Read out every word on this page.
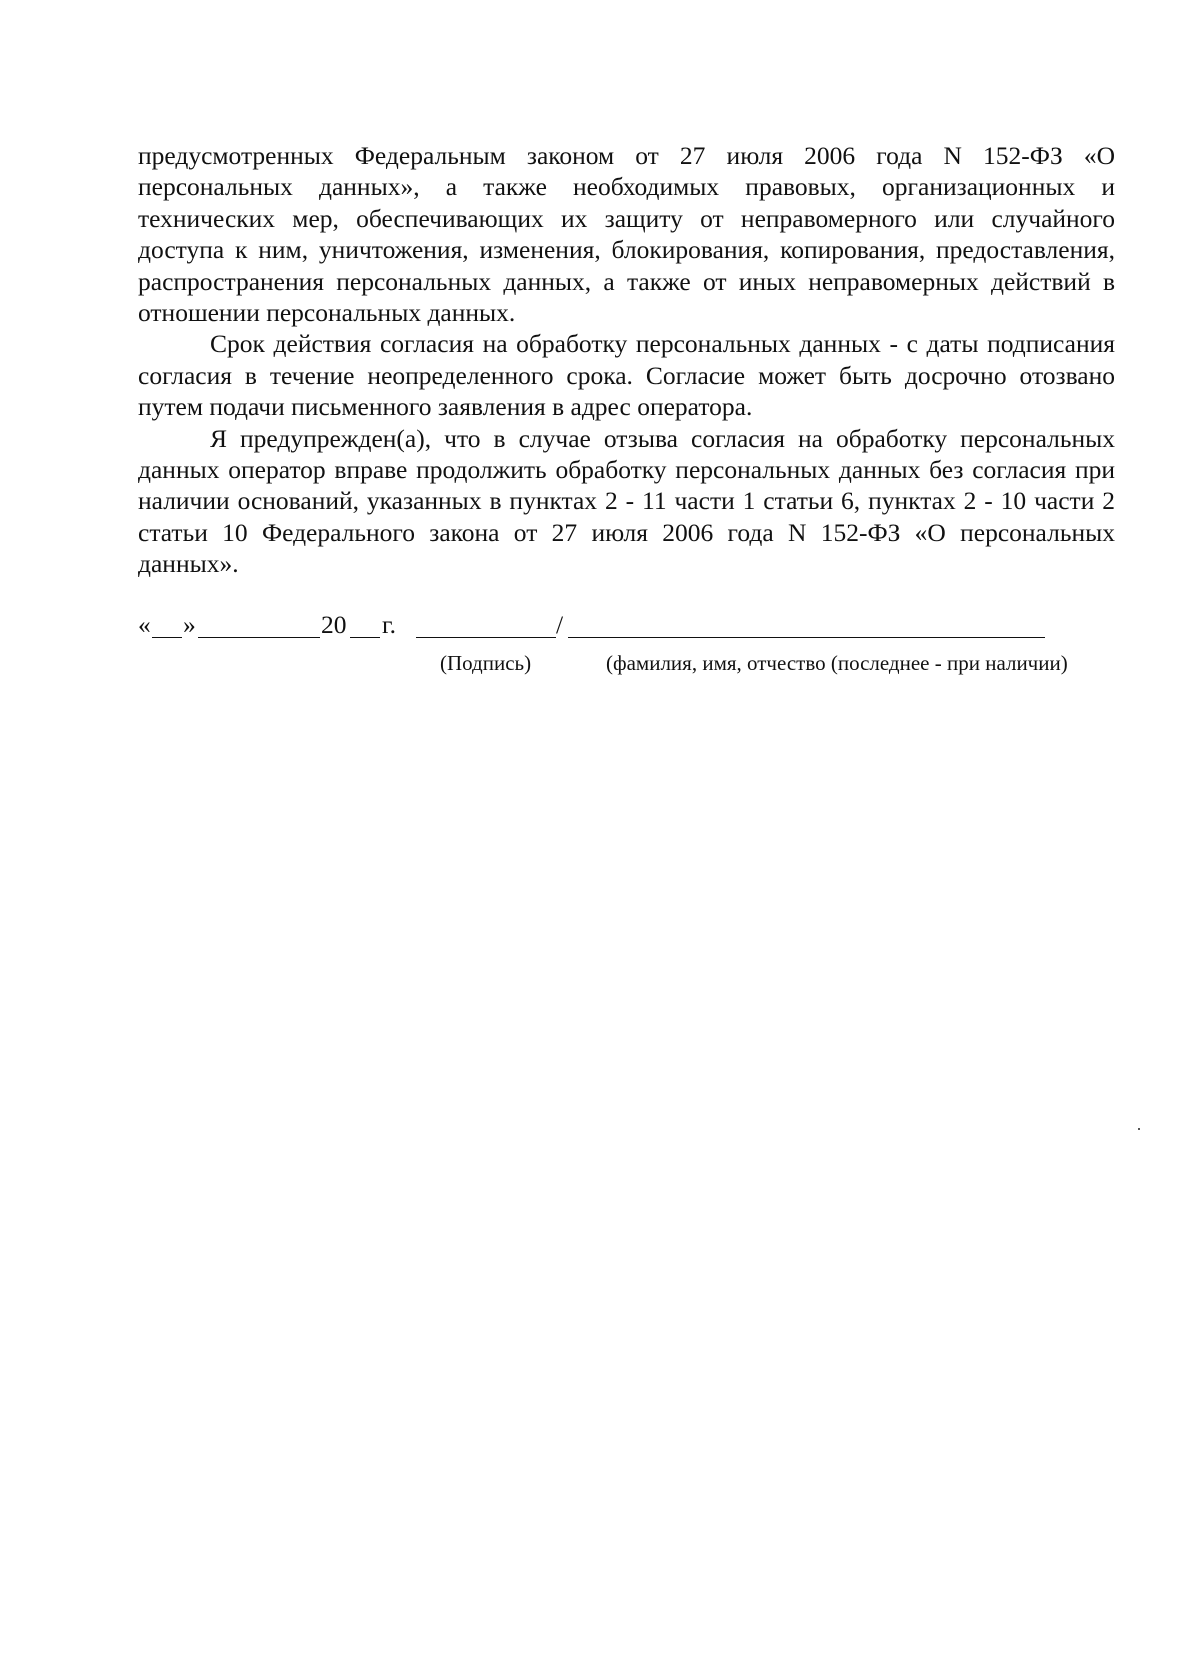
предусмотренных Федеральным законом от 27 июля 2006 года N 152-ФЗ «О персональных данных», а также необходимых правовых, организационных и технических мер, обеспечивающих их защиту от неправомерного или случайного доступа к ним, уничтожения, изменения, блокирования, копирования, предоставления, распространения персональных данных, а также от иных неправомерных действий в отношении персональных данных.

Срок действия согласия на обработку персональных данных - с даты подписания согласия в течение неопределенного срока. Согласие может быть досрочно отозвано путем подачи письменного заявления в адрес оператора.

Я предупрежден(а), что в случае отзыва согласия на обработку персональных данных оператор вправе продолжить обработку персональных данных без согласия при наличии оснований, указанных в пунктах 2 - 11 части 1 статьи 6, пунктах 2 - 10 части 2 статьи 10 Федерального закона от 27 июля 2006 года N 152-ФЗ «О персональных данных».

« »	20 г.	/
(Подпись)	(фамилия, имя, отчество (последнее - при наличии)
